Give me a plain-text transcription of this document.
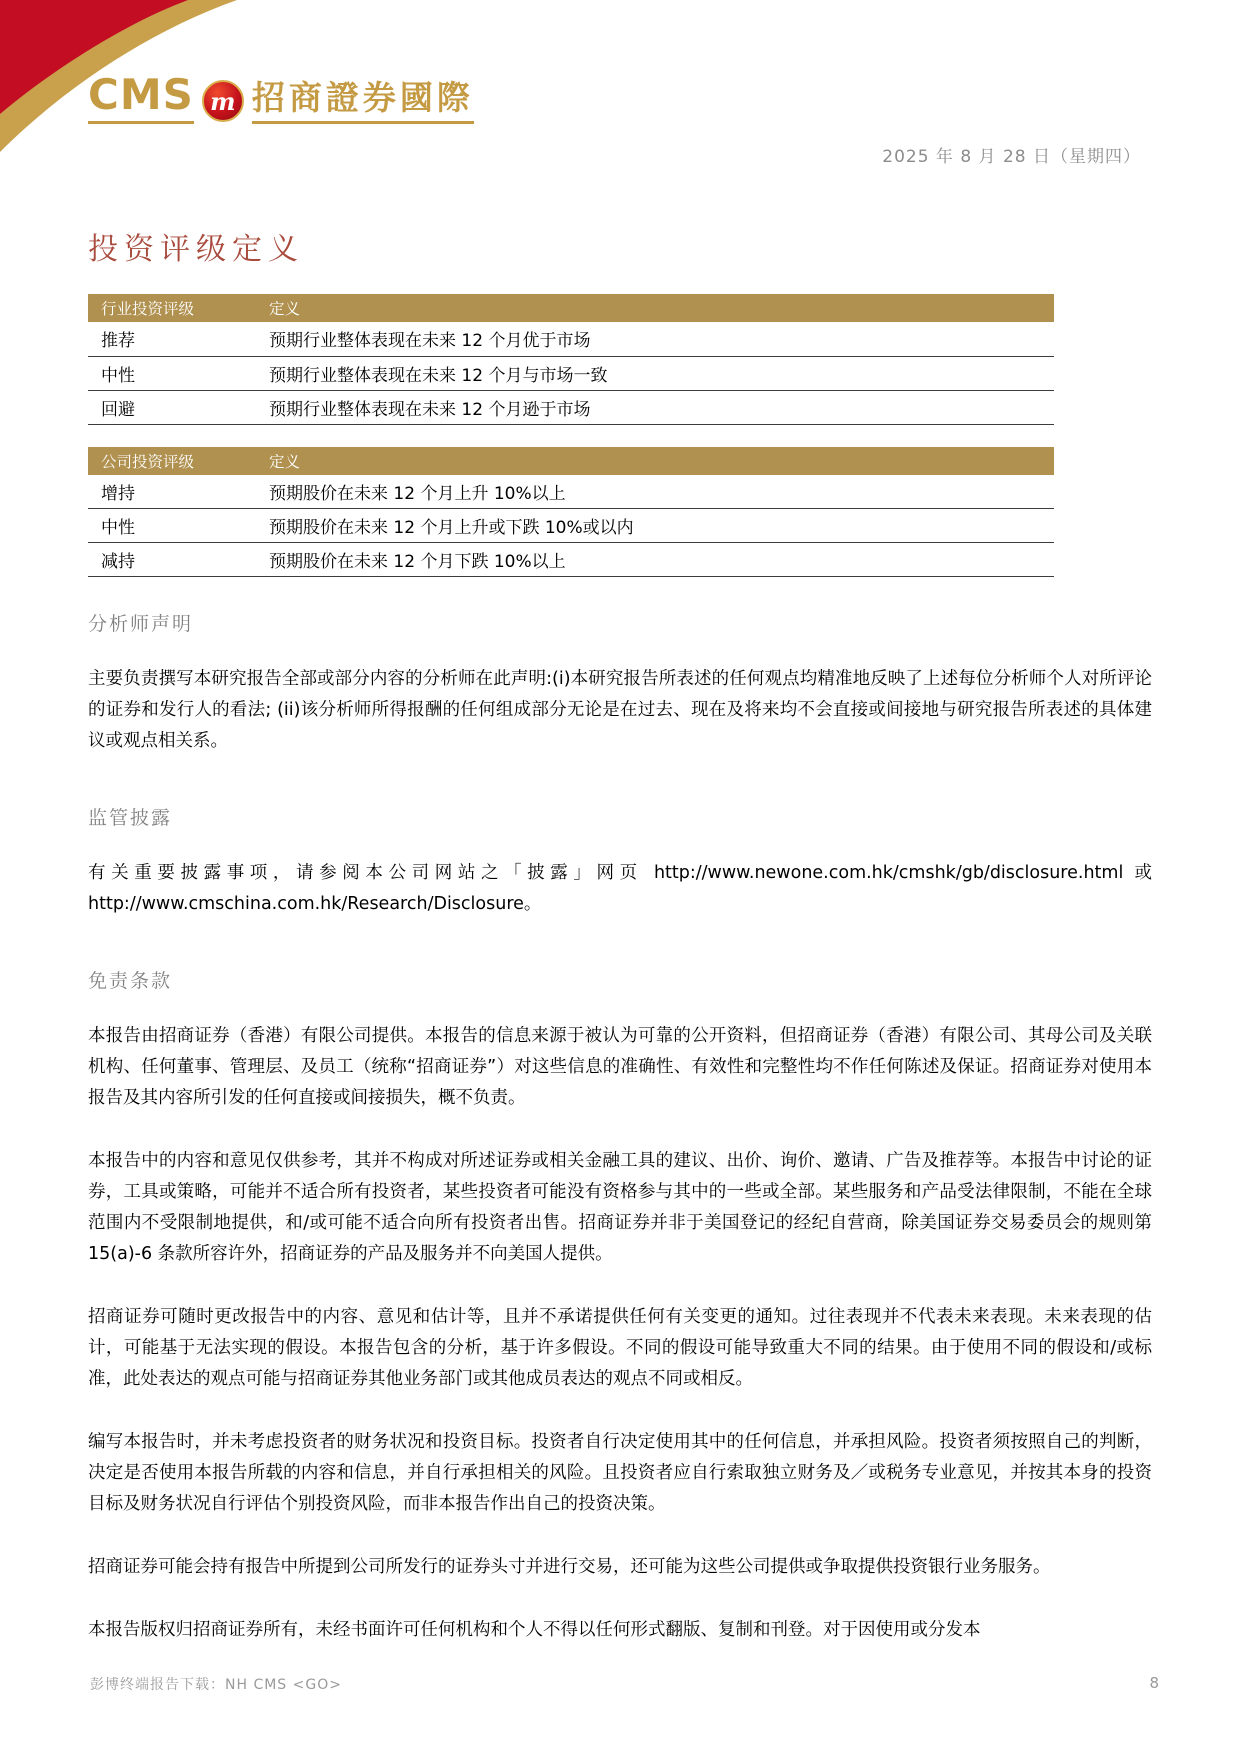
CMS m 招商證券國際
2025 年 8 月 28 日（星期四）
投资评级定义
行业投资评级	定义
推荐	预期行业整体表现在未来 12 个月优于市场
中性	预期行业整体表现在未来 12 个月与市场一致
回避	预期行业整体表现在未来 12 个月逊于市场
公司投资评级	定义
增持	预期股价在未来 12 个月上升 10%以上
中性	预期股价在未来 12 个月上升或下跌 10%或以内
减持	预期股价在未来 12 个月下跌 10%以上
分析师声明

主要负责撰写本研究报告全部或部分内容的分析师在此声明:(i)本研究报告所表述的任何观点均精准地反映了上述每位分析师个人对所评论的证券和发行人的看法; (ii)该分析师所得报酬的任何组成部分无论是在过去、现在及将来均不会直接或间接地与研究报告所表述的具体建议或观点相关系。

监管披露

有关重要披露事项，请参阅本公司网站之「披露」网页 http://www.newone.com.hk/cmshk/gb/disclosure.html 或 http://www.cmschina.com.hk/Research/Disclosure。

免责条款

本报告由招商证券（香港）有限公司提供。本报告的信息来源于被认为可靠的公开资料，但招商证券（香港）有限公司、其母公司及关联机构、任何董事、管理层、及员工（统称“招商证券”）对这些信息的准确性、有效性和完整性均不作任何陈述及保证。招商证券对使用本报告及其内容所引发的任何直接或间接损失，概不负责。

本报告中的内容和意见仅供参考，其并不构成对所述证券或相关金融工具的建议、出价、询价、邀请、广告及推荐等。本报告中讨论的证券，工具或策略，可能并不适合所有投资者，某些投资者可能没有资格参与其中的一些或全部。某些服务和产品受法律限制，不能在全球范围内不受限制地提供，和/或可能不适合向所有投资者出售。招商证券并非于美国登记的经纪自营商，除美国证券交易委员会的规则第 15(a)-6 条款所容许外，招商证券的产品及服务并不向美国人提供。

招商证券可随时更改报告中的内容、意见和估计等，且并不承诺提供任何有关变更的通知。过往表现并不代表未来表现。未来表现的估计，可能基于无法实现的假设。本报告包含的分析，基于许多假设。不同的假设可能导致重大不同的结果。由于使用不同的假设和/或标准，此处表达的观点可能与招商证券其他业务部门或其他成员表达的观点不同或相反。

编写本报告时，并未考虑投资者的财务状况和投资目标。投资者自行决定使用其中的任何信息，并承担风险。投资者须按照自己的判断，决定是否使用本报告所载的内容和信息，并自行承担相关的风险。且投资者应自行索取独立财务及／或税务专业意见，并按其本身的投资目标及财务状况自行评估个别投资风险，而非本报告作出自己的投资决策。

招商证券可能会持有报告中所提到公司所发行的证券头寸并进行交易，还可能为这些公司提供或争取提供投资银行业务服务。

本报告版权归招商证券所有，未经书面许可任何机构和个人不得以任何形式翻版、复制和刊登。对于因使用或分发本

彭博终端报告下载：NH CMS <GO>	8
